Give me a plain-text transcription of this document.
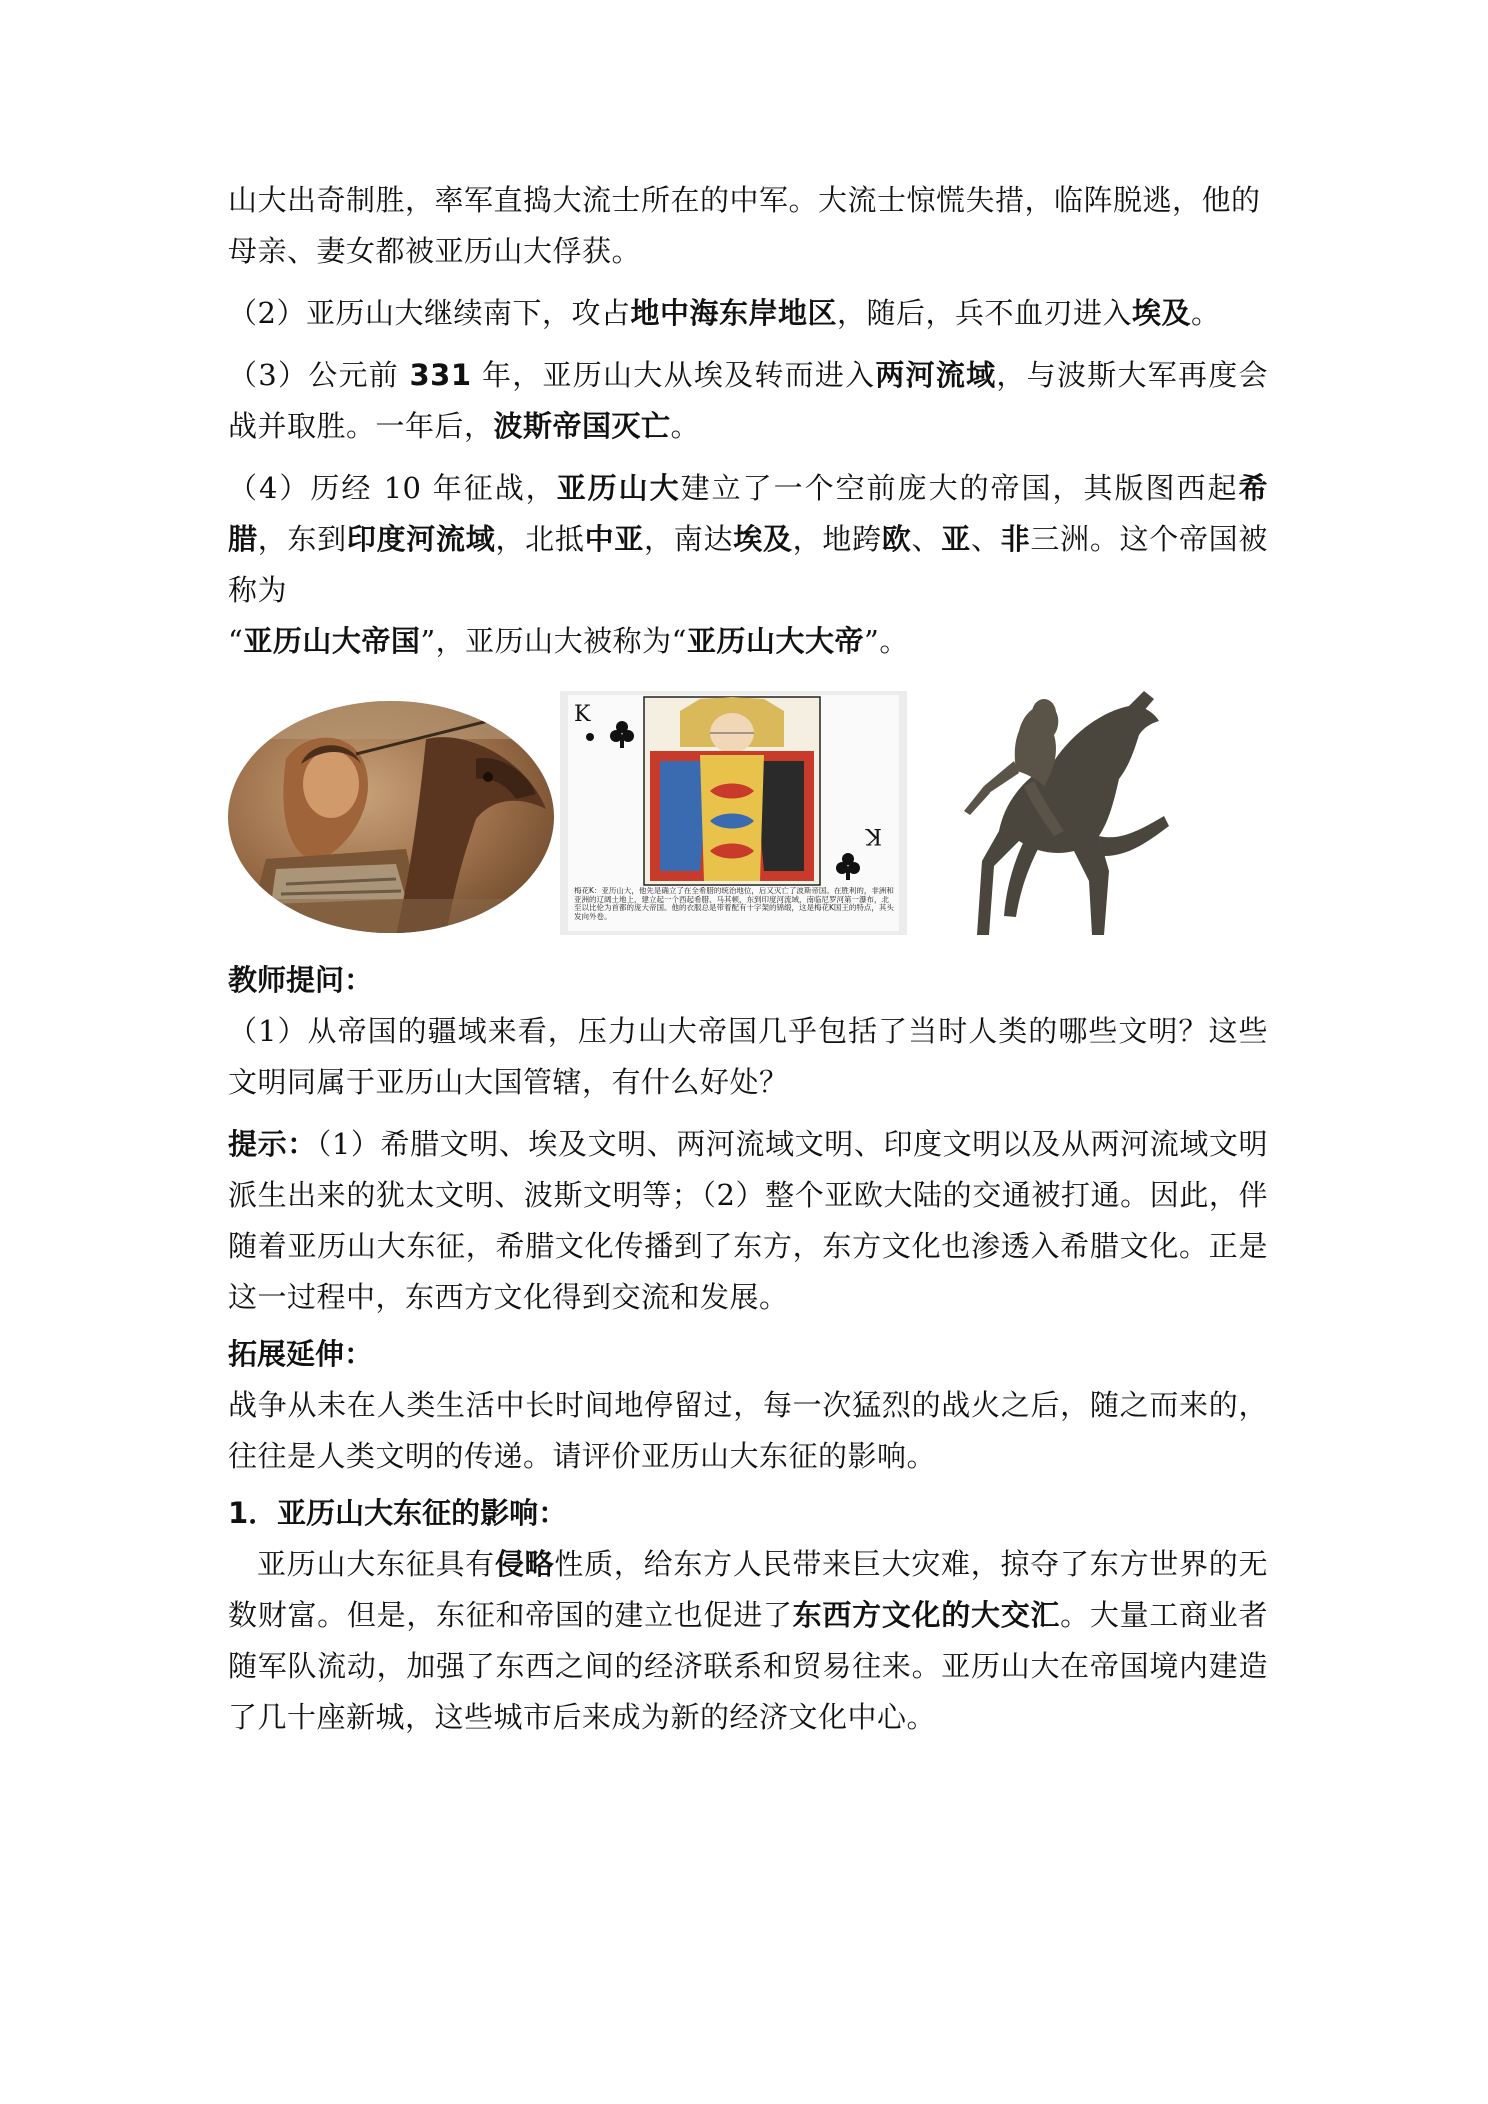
山大出奇制胜，率军直捣大流士所在的中军。大流士惊慌失措，临阵脱逃，他的
母亲、妻女都被亚历山大俘获。

（2）亚历山大继续南下，攻占地中海东岸地区，随后，兵不血刃进入埃及。

（3）公元前 331 年，亚历山大从埃及转而进入两河流域，与波斯大军再度会战并取胜。一年后，波斯帝国灭亡。

（4）历经 10 年征战，亚历山大建立了一个空前庞大的帝国，其版图西起希腊，东到印度河流域，北抵中亚，南达埃及，地跨欧、亚、非三洲。这个帝国被称为
“亚历山大帝国”，亚历山大被称为“亚历山大大帝”。

K
K
梅花K：亚历山大，他先是确立了在全希腊的统治地位，后又灭亡了波斯帝国。在胜利的，非洲和亚洲的辽阔土地上，建立起一个西起希腊、马其顿，东到印度河流域，南临尼罗河第一瀑布，北至以比伦为首都的庞大帝国。他的衣服总是带着配有十字架的锦缎，这是梅花K国王的特点，其头发向外卷。

教师提问：

（1）从帝国的疆域来看，压力山大帝国几乎包括了当时人类的哪些文明？这些文明同属于亚历山大国管辖，有什么好处？

提示：（1）希腊文明、埃及文明、两河流域文明、印度文明以及从两河流域文明派生出来的犹太文明、波斯文明等；（2）整个亚欧大陆的交通被打通。因此，伴随着亚历山大东征，希腊文化传播到了东方，东方文化也渗透入希腊文化。正是这一过程中，东西方文化得到交流和发展。

拓展延伸：

战争从未在人类生活中长时间地停留过，每一次猛烈的战火之后，随之而来的，往往是人类文明的传递。请评价亚历山大东征的影响。

1．亚历山大东征的影响：

亚历山大东征具有侵略性质，给东方人民带来巨大灾难，掠夺了东方世界的无数财富。但是，东征和帝国的建立也促进了东西方文化的大交汇。大量工商业者随军队流动，加强了东西之间的经济联系和贸易往来。亚历山大在帝国境内建造了几十座新城，这些城市后来成为新的经济文化中心。
